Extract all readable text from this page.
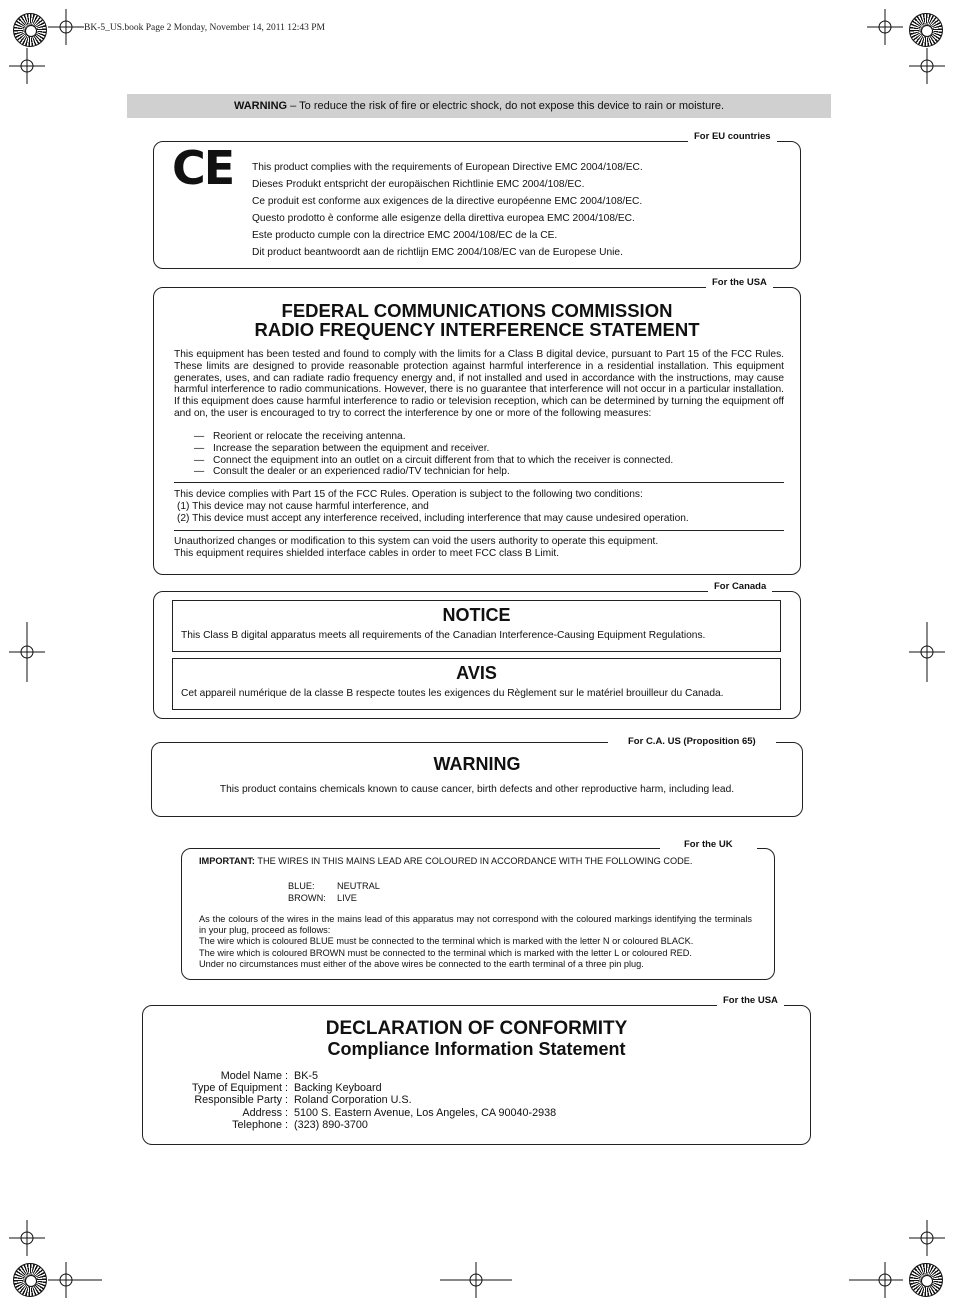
BK-5_US.book Page 2 Monday, November 14, 2011 12:43 PM
WARNING – To reduce the risk of fire or electric shock, do not expose this device to rain or moisture.
For EU countries
CE This product complies with the requirements of European Directive EMC 2004/108/EC.
Dieses Produkt entspricht der europäischen Richtlinie EMC 2004/108/EC.
Ce produit est conforme aux exigences de la directive européenne EMC 2004/108/EC.
Questo prodotto è conforme alle esigenze della direttiva europea EMC 2004/108/EC.
Este producto cumple con la directrice EMC 2004/108/EC de la CE.
Dit product beantwoordt aan de richtlijn EMC 2004/108/EC van de Europese Unie.
For the USA
FEDERAL COMMUNICATIONS COMMISSION
RADIO FREQUENCY INTERFERENCE STATEMENT
This equipment has been tested and found to comply with the limits for a Class B digital device, pursuant to Part 15 of the FCC Rules. These limits are designed to provide reasonable protection against harmful interference in a residential installation. This equipment generates, uses, and can radiate radio frequency energy and, if not installed and used in accordance with the instructions, may cause harmful interference to radio communications. However, there is no guarantee that interference will not occur in a particular installation. If this equipment does cause harmful interference to radio or television reception, which can be determined by turning the equipment off and on, the user is encouraged to try to correct the interference by one or more of the following measures:
— Reorient or relocate the receiving antenna.
— Increase the separation between the equipment and receiver.
— Connect the equipment into an outlet on a circuit different from that to which the receiver is connected.
— Consult the dealer or an experienced radio/TV technician for help.
This device complies with Part 15 of the FCC Rules. Operation is subject to the following two conditions:
(1) This device may not cause harmful interference, and
(2) This device must accept any interference received, including interference that may cause undesired operation.
Unauthorized changes or modification to this system can void the users authority to operate this equipment.
This equipment requires shielded interface cables in order to meet FCC class B Limit.
For Canada
NOTICE
This Class B digital apparatus meets all requirements of the Canadian Interference-Causing Equipment Regulations.
AVIS
Cet appareil numérique de la classe B respecte toutes les exigences du Règlement sur le matériel brouilleur du Canada.
For C.A. US (Proposition 65)
WARNING
This product contains chemicals known to cause cancer, birth defects and other reproductive harm, including lead.
For the UK
IMPORTANT: THE WIRES IN THIS MAINS LEAD ARE COLOURED IN ACCORDANCE WITH THE FOLLOWING CODE.
BLUE: NEUTRAL
BROWN: LIVE
As the colours of the wires in the mains lead of this apparatus may not correspond with the coloured markings identifying the terminals in your plug, proceed as follows:
The wire which is coloured BLUE must be connected to the terminal which is marked with the letter N or coloured BLACK.
The wire which is coloured BROWN must be connected to the terminal which is marked with the letter L or coloured RED.
Under no circumstances must either of the above wires be connected to the earth terminal of a three pin plug.
For the USA
DECLARATION OF CONFORMITY
Compliance Information Statement
Model Name : BK-5
Type of Equipment : Backing Keyboard
Responsible Party : Roland Corporation U.S.
Address : 5100 S. Eastern Avenue, Los Angeles, CA 90040-2938
Telephone : (323) 890-3700
